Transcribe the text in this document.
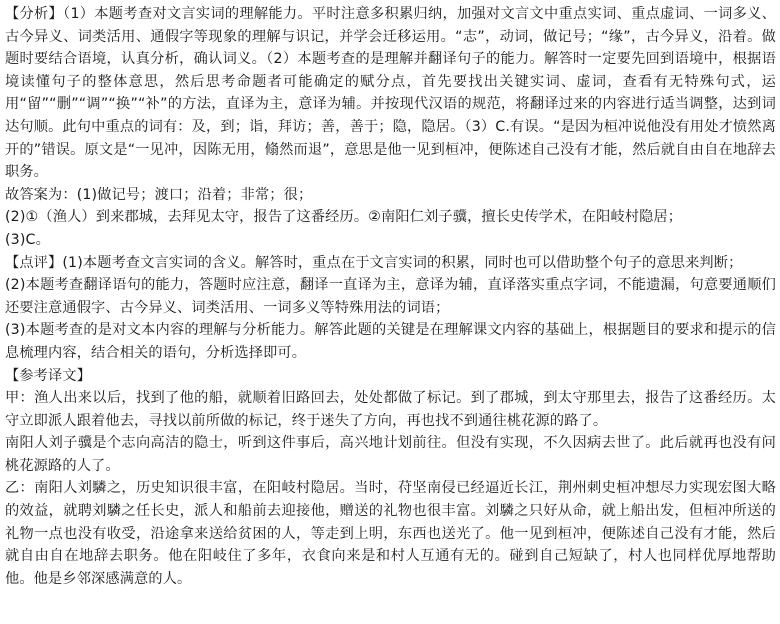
【分析】（1）本题考查对文言实词的理解能力。平时注意多积累归纳，加强对文言文中重点实词、重点虚词、一词多义、古今异义、词类活用、通假字等现象的理解与识记，并学会迁移运用。“志”，动词，做记号；“缘”，古今异义，沿着。做题时要结合语境，认真分析，确认词义。（2）本题考查的是理解并翻译句子的能力。解答时一定要先回到语境中，根据语境读懂句子的整体意思，然后思考命题者可能确定的赋分点，首先要找出关键实词、虚词，查看有无特殊句式，运用“留”“删”“调”“换”“补”的方法，直译为主，意译为辅。并按现代汉语的规范，将翻译过来的内容进行适当调整，达到词达句顺。此句中重点的词有：及，到；诣，拜访；善，善于；隐，隐居。（3）C.有误。“是因为桓冲说他没有用处才愤然离开的”错误。原文是“一见冲，因陈无用，翛然而退”，意思是他一见到桓冲，便陈述自己没有才能，然后就自由自在地辞去职务。

故答案为：(1)做记号；渡口；沿着；非常；很；

(2)①（渔人）到来郡城，去拜见太守，报告了这番经历。②南阳仁刘子骥，擅长史传学术，在阳岐村隐居；

(3)C。

【点评】(1)本题考查文言实词的含义。解答时，重点在于文言实词的积累，同时也可以借助整个句子的意思来判断；

(2)本题考查翻译语句的能力，答题时应注意，翻译一直译为主，意译为辅，直译落实重点字词，不能遗漏，句意要通顺们还要注意通假字、古今异义、词类活用、一词多义等特殊用法的词语；

(3)本题考查的是对文本内容的理解与分析能力。解答此题的关键是在理解课文内容的基础上，根据题目的要求和提示的信息梳理内容，结合相关的语句，分析选择即可。

【参考译文】

甲：渔人出来以后，找到了他的船，就顺着旧路回去，处处都做了标记。到了郡城，到太守那里去，报告了这番经历。太守立即派人跟着他去，寻找以前所做的标记，终于迷失了方向，再也找不到通往桃花源的路了。

南阳人刘子骥是个志向高洁的隐士，听到这件事后，高兴地计划前往。但没有实现，不久因病去世了。此后就再也没有问桃花源路的人了。

乙：南阳人刘驎之，历史知识很丰富，在阳岐村隐居。当时，苻坚南侵已经逼近长江，荆州刺史桓冲想尽力实现宏图大略的效益，就聘刘驎之任长史，派人和船前去迎接他，赠送的礼物也很丰富。刘驎之只好从命，就上船出发，但桓冲所送的礼物一点也没有收受，沿途拿来送给贫困的人，等走到上明，东西也送光了。他一见到桓冲，便陈述自己没有才能，然后就自由自在地辞去职务。他在阳岐住了多年，衣食向来是和村人互通有无的。碰到自己短缺了，村人也同样优厚地帮助他。他是乡邻深感满意的人。
